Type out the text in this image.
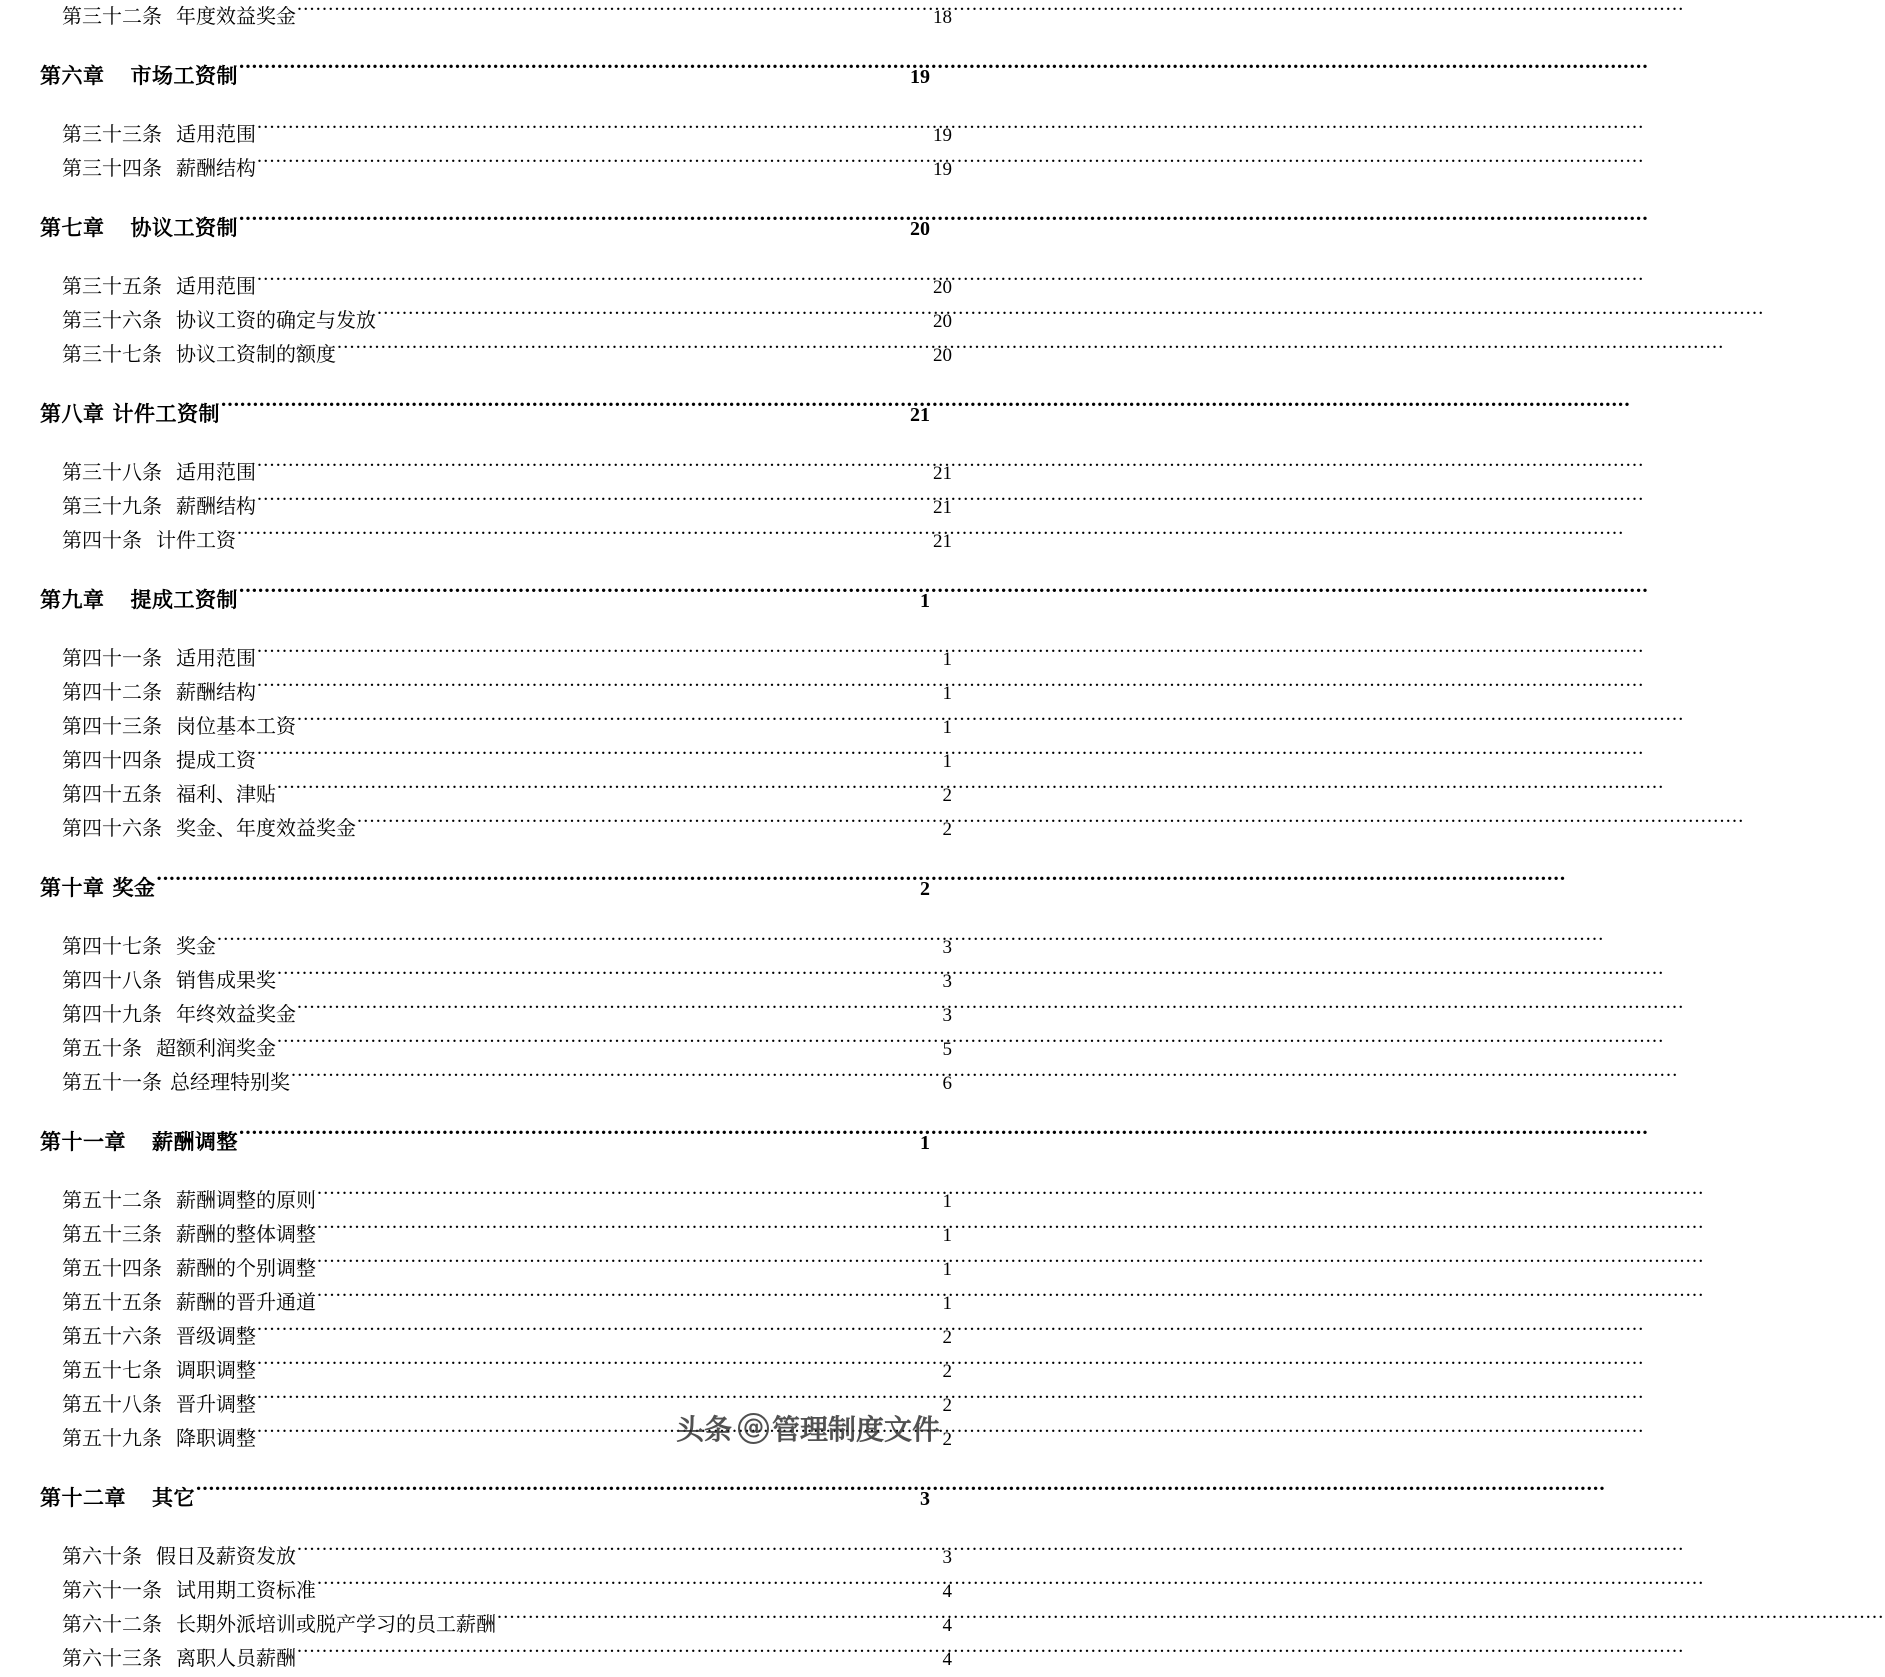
第三十二条 年度效益奖金 .....	18
第六章 市场工资制 .....	19
第三十三条 适用范围 .....	19
第三十四条 薪酬结构 .....	19
第七章 协议工资制 .....	20
第三十五条 适用范围 .....	20
第三十六条 协议工资的确定与发放 .....	20
第三十七条 协议工资制的额度 .....	20
第八章 计件工资制 .....	21
第三十八条 适用范围 .....	21
第三十九条 薪酬结构 .....	21
第四十条 计件工资 .....	21
第九章 提成工资制 .....	1
第四十一条 适用范围 .....	1
第四十二条 薪酬结构 .....	1
第四十三条 岗位基本工资 .....	1
第四十四条 提成工资 .....	1
第四十五条 福利、津贴 .....	2
第四十六条 奖金、年度效益奖金 .....	2
第十章 奖金 .....	2
第四十七条 奖金 .....	3
第四十八条 销售成果奖 .....	3
第四十九条 年终效益奖金 .....	3
第五十条 超额利润奖金 .....	5
第五十一条 总经理特别奖 .....	6
第十一章 薪酬调整 .....	1
第五十二条 薪酬调整的原则 .....	1
第五十三条 薪酬的整体调整 .....	1
第五十四条 薪酬的个别调整 .....	1
第五十五条 薪酬的晋升通道 .....	1
第五十六条 晋级调整 .....	2
第五十七条 调职调整 .....	2
第五十八条 晋升调整 .....	2
第五十九条 降职调整 .....	2
第十二章 其它 .....	3
第六十条 假日及薪资发放 .....	3
第六十一条 试用期工资标准 .....	4
第六十二条 长期外派培训或脱产学习的员工薪酬 .....	4
第六十三条 离职人员薪酬 .....	4
头条 @ 管理制度文件
